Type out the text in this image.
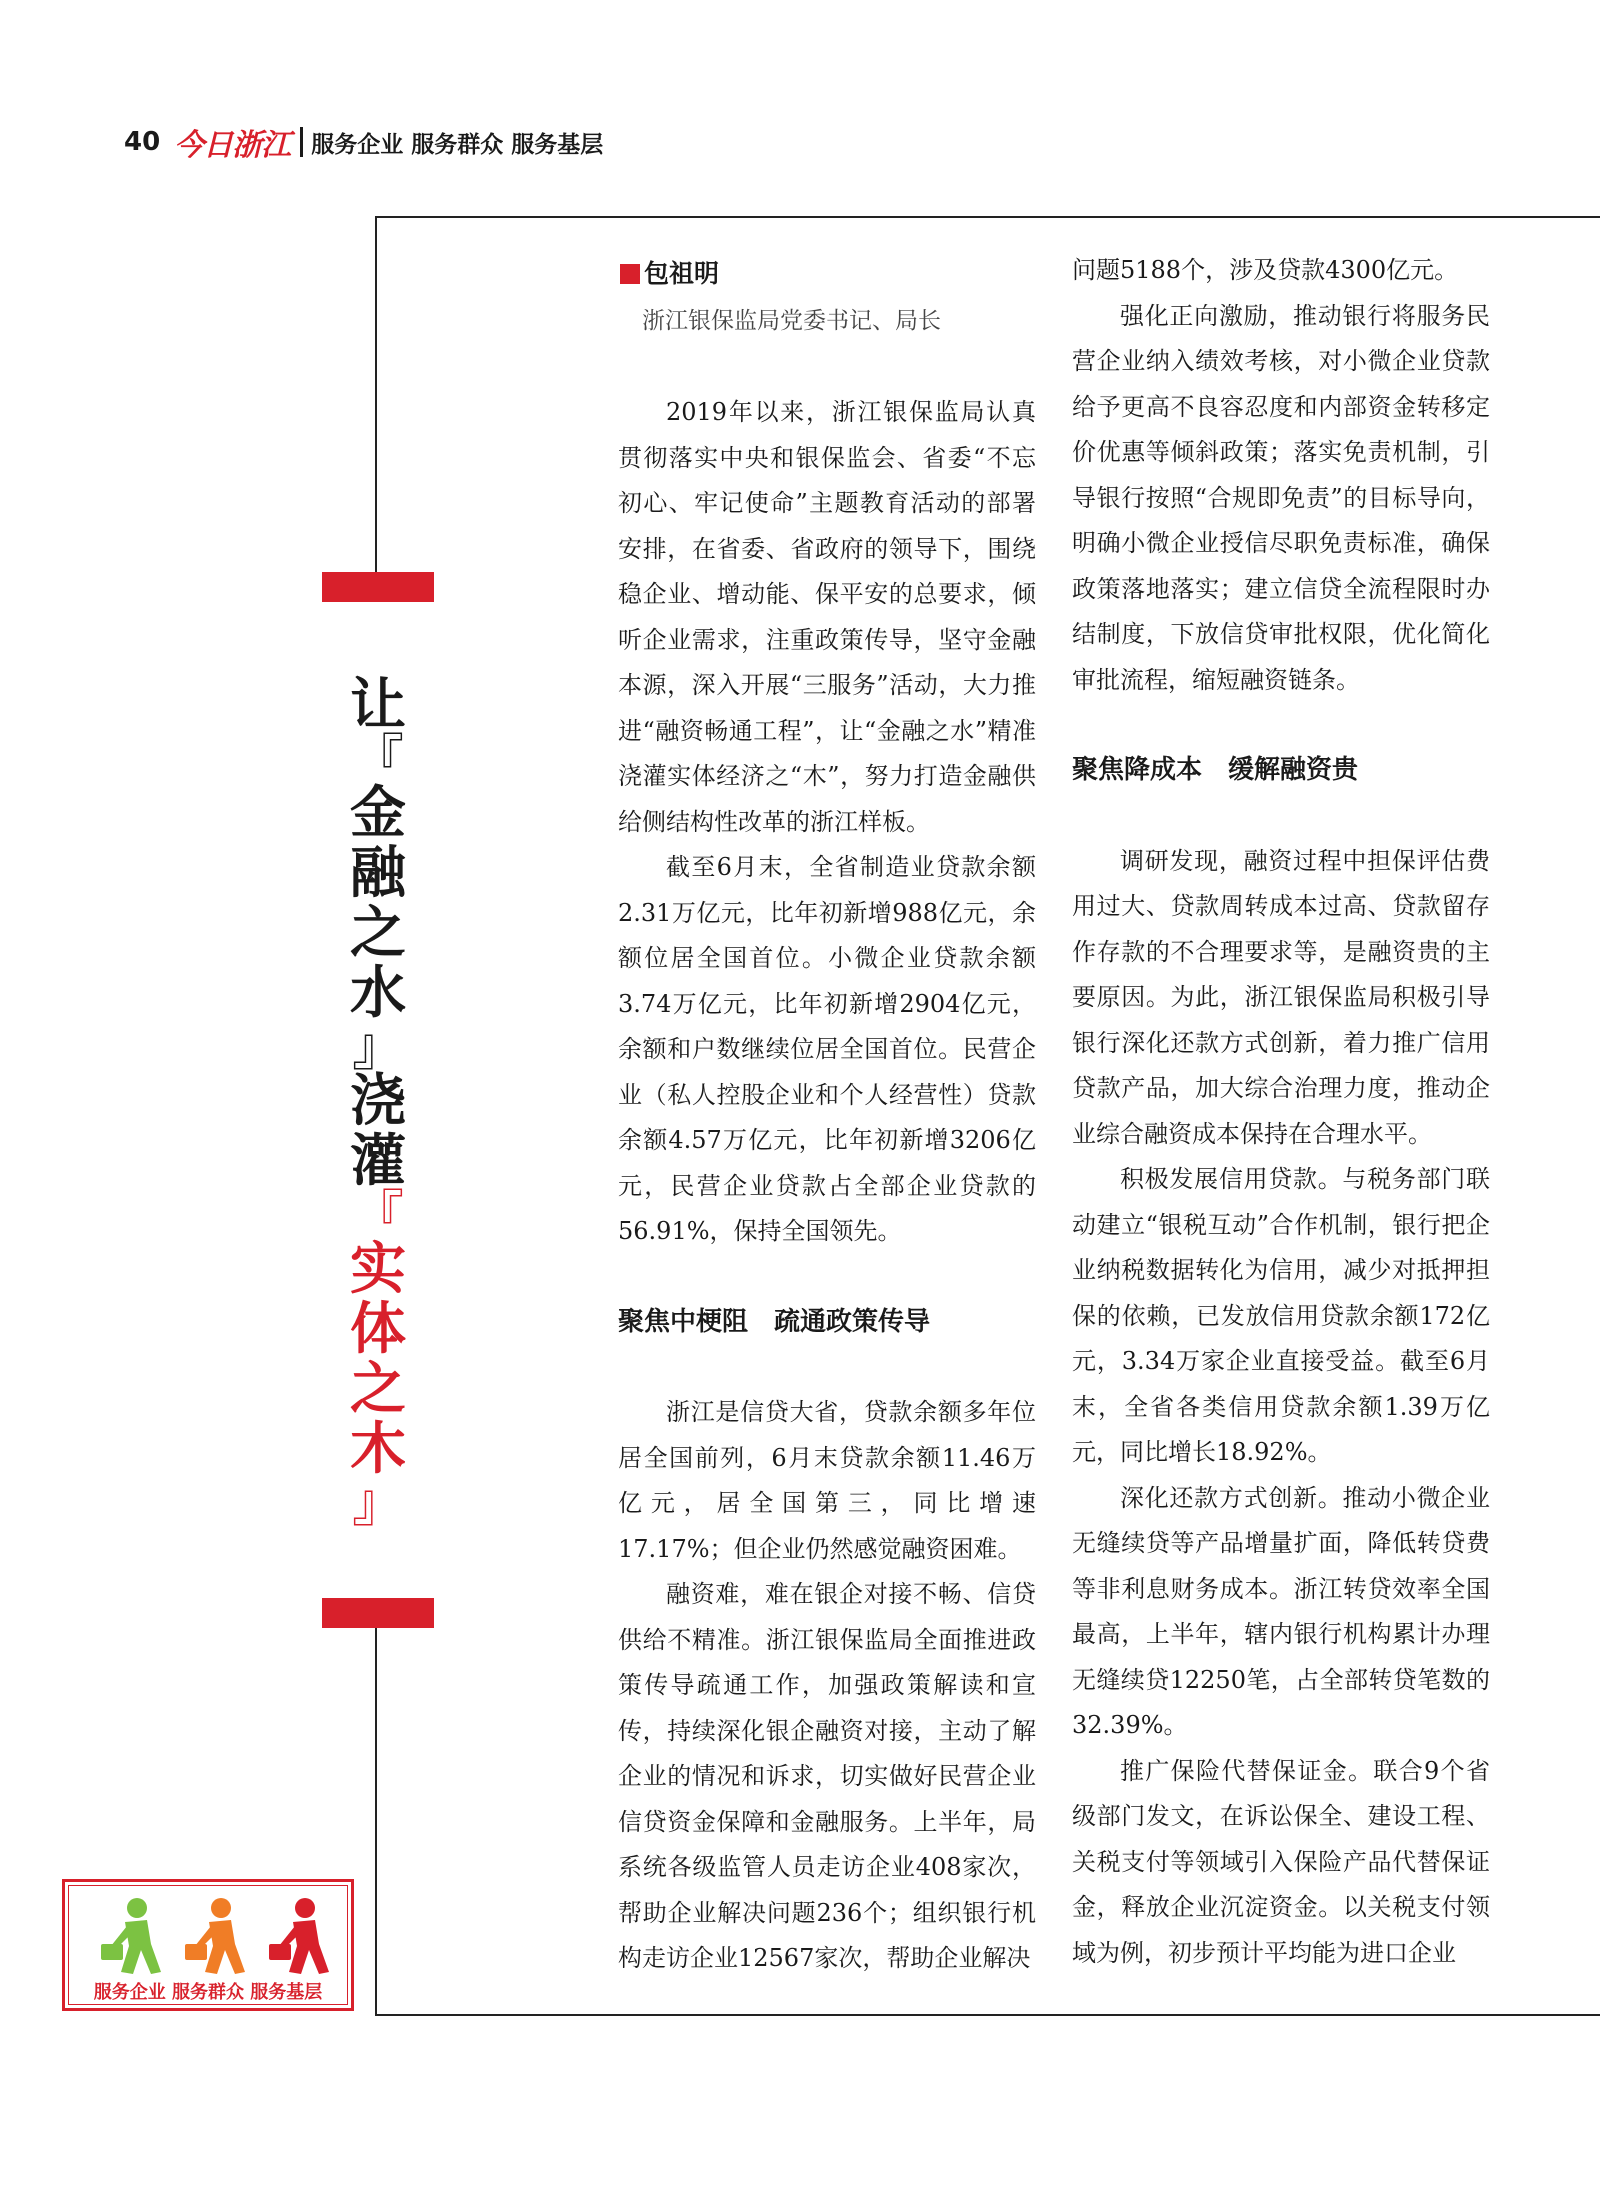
40 今日浙江 服务企业 服务群众 服务基层
让
『
金
融
之
水
』
浇
灌
『
实
体
之
木
』
包祖明
浙江银保监局党委书记、局长

2019年以来，浙江银保监局认真贯彻落实中央和银保监会、省委“不忘初心、牢记使命”主题教育活动的部署安排，在省委、省政府的领导下，围绕稳企业、增动能、保平安的总要求，倾听企业需求，注重政策传导，坚守金融本源，深入开展“三服务”活动，大力推进“融资畅通工程”，让“金融之水”精准浇灌实体经济之“木”，努力打造金融供给侧结构性改革的浙江样板。

截至6月末，全省制造业贷款余额2.31万亿元，比年初新增988亿元，余额位居全国首位。小微企业贷款余额3.74万亿元，比年初新增2904亿元，余额和户数继续位居全国首位。民营企业（私人控股企业和个人经营性）贷款余额4.57万亿元，比年初新增3206亿元，民营企业贷款占全部企业贷款的56.91%，保持全国领先。

聚焦中梗阻　疏通政策传导

浙江是信贷大省，贷款余额多年位居全国前列，6月末贷款余额11.46万亿元，居全国第三，同比增速17.17%；但企业仍然感觉融资困难。

融资难，难在银企对接不畅、信贷供给不精准。浙江银保监局全面推进政策传导疏通工作，加强政策解读和宣传，持续深化银企融资对接，主动了解企业的情况和诉求，切实做好民营企业信贷资金保障和金融服务。上半年，局系统各级监管人员走访企业408家次，帮助企业解决问题236个；组织银行机构走访企业12567家次，帮助企业解决

问题5188个，涉及贷款4300亿元。

强化正向激励，推动银行将服务民营企业纳入绩效考核，对小微企业贷款给予更高不良容忍度和内部资金转移定价优惠等倾斜政策；落实免责机制，引导银行按照“合规即免责”的目标导向，明确小微企业授信尽职免责标准，确保政策落地落实；建立信贷全流程限时办结制度，下放信贷审批权限，优化简化审批流程，缩短融资链条。

聚焦降成本　缓解融资贵

调研发现，融资过程中担保评估费用过大、贷款周转成本过高、贷款留存作存款的不合理要求等，是融资贵的主要原因。为此，浙江银保监局积极引导银行深化还款方式创新，着力推广信用贷款产品，加大综合治理力度，推动企业综合融资成本保持在合理水平。

积极发展信用贷款。与税务部门联动建立“银税互动”合作机制，银行把企业纳税数据转化为信用，减少对抵押担保的依赖，已发放信用贷款余额172亿元，3.34万家企业直接受益。截至6月末，全省各类信用贷款余额1.39万亿元，同比增长18.92%。

深化还款方式创新。推动小微企业无缝续贷等产品增量扩面，降低转贷费等非利息财务成本。浙江转贷效率全国最高，上半年，辖内银行机构累计办理无缝续贷12250笔，占全部转贷笔数的32.39%。

推广保险代替保证金。联合9个省级部门发文，在诉讼保全、建设工程、关税支付等领域引入保险产品代替保证金，释放企业沉淀资金。以关税支付领域为例，初步预计平均能为进口企业

服务企业 服务群众 服务基层
